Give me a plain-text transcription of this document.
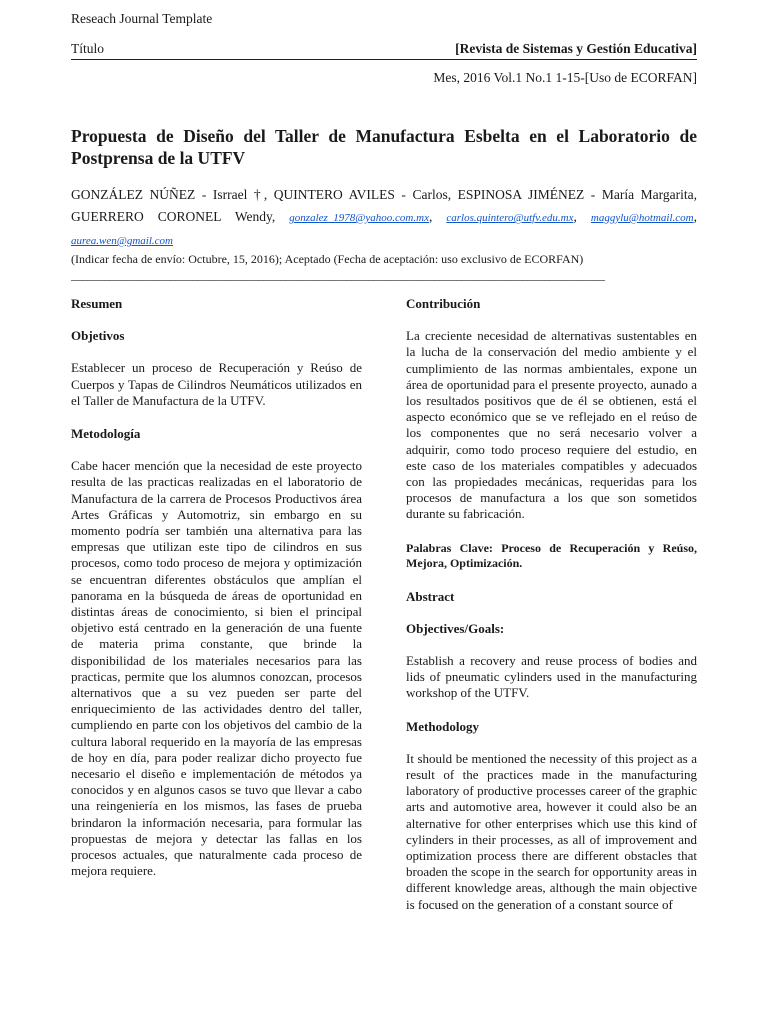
Reseach Journal Template
Título	[Revista de Sistemas y Gestión Educativa]
Mes, 2016 Vol.1 No.1 1-15-[Uso de ECORFAN]
Propuesta de Diseño del Taller de Manufactura Esbelta en el Laboratorio de Postprensa de la UTFV
GONZÁLEZ NÚÑEZ - Isrrael †, QUINTERO AVILES - Carlos, ESPINOSA JIMÉNEZ - María Margarita, GUERRERO CORONEL Wendy, gonzalez_1978@yahoo.com.mx, carlos.quintero@utfv.edu.mx, maggylu@hotmail.com, aurea.wen@gmail.com
(Indicar fecha de envío: Octubre, 15, 2016); Aceptado (Fecha de aceptación: uso exclusivo de ECORFAN)
_________________________________________________________________________________________________
Resumen
Objetivos

Establecer un proceso de Recuperación y Reúso de Cuerpos y Tapas de Cilindros Neumáticos utilizados en el Taller de Manufactura de la UTFV.

Metodología

Cabe hacer mención que la necesidad de este proyecto resulta de las practicas realizadas en el laboratorio de Manufactura de la carrera de Procesos Productivos área Artes Gráficas y Automotriz, sin embargo en su momento podría ser también una alternativa para las empresas que utilizan este tipo de cilindros en sus procesos, como todo proceso de mejora y optimización se encuentran diferentes obstáculos que amplían el panorama en la búsqueda de áreas de oportunidad en distintas áreas de conocimiento, si bien el principal objetivo está centrado en la generación de una fuente de materia prima constante, que brinde la disponibilidad de los materiales necesarios para las practicas, permite que los alumnos conozcan, procesos alternativos que a su vez pueden ser parte del enriquecimiento de las actividades dentro del taller, cumpliendo en parte con los objetivos del cambio de la cultura laboral requerido en la mayoría de las empresas de hoy en día, para poder realizar dicho proyecto fue necesario el diseño e implementación de métodos ya conocidos y en algunos casos se tuvo que llevar a cabo una reingeniería en los mismos, las fases de prueba brindaron la información necesaria, para formular las propuestas de mejora y detectar las fallas en los procesos actuales, que naturalmente cada proceso de mejora requiere.

Contribución

La creciente necesidad de alternativas sustentables en la lucha de la conservación del medio ambiente y el cumplimiento de las normas ambientales, expone un área de oportunidad para el presente proyecto, aunado a los resultados positivos que de él se obtienen, está el aspecto económico que se ve reflejado en el reúso de los componentes que no será necesario volver a adquirir, como todo proceso requiere del estudio, en este caso de los materiales compatibles y adecuados con las propiedades mecánicas, requeridas para los procesos de manufactura a los que son sometidos durante su fabricación.

Palabras Clave: Proceso de Recuperación y Reúso, Mejora, Optimización.

Abstract
Objectives/Goals:

Establish a recovery and reuse process of bodies and lids of pneumatic cylinders used in the manufacturing workshop of the UTFV.

Methodology

It should be mentioned the necessity of this project as a result of the practices made in the manufacturing laboratory of productive processes career of the graphic arts and automotive area, however it could also be an alternative for other enterprises which use this kind of cylinders in their processes, as all of improvement and optimization process there are different obstacles that broaden the scope in the search for opportunity areas in different knowledge areas, although the main objective is focused on the generation of a constant source of
